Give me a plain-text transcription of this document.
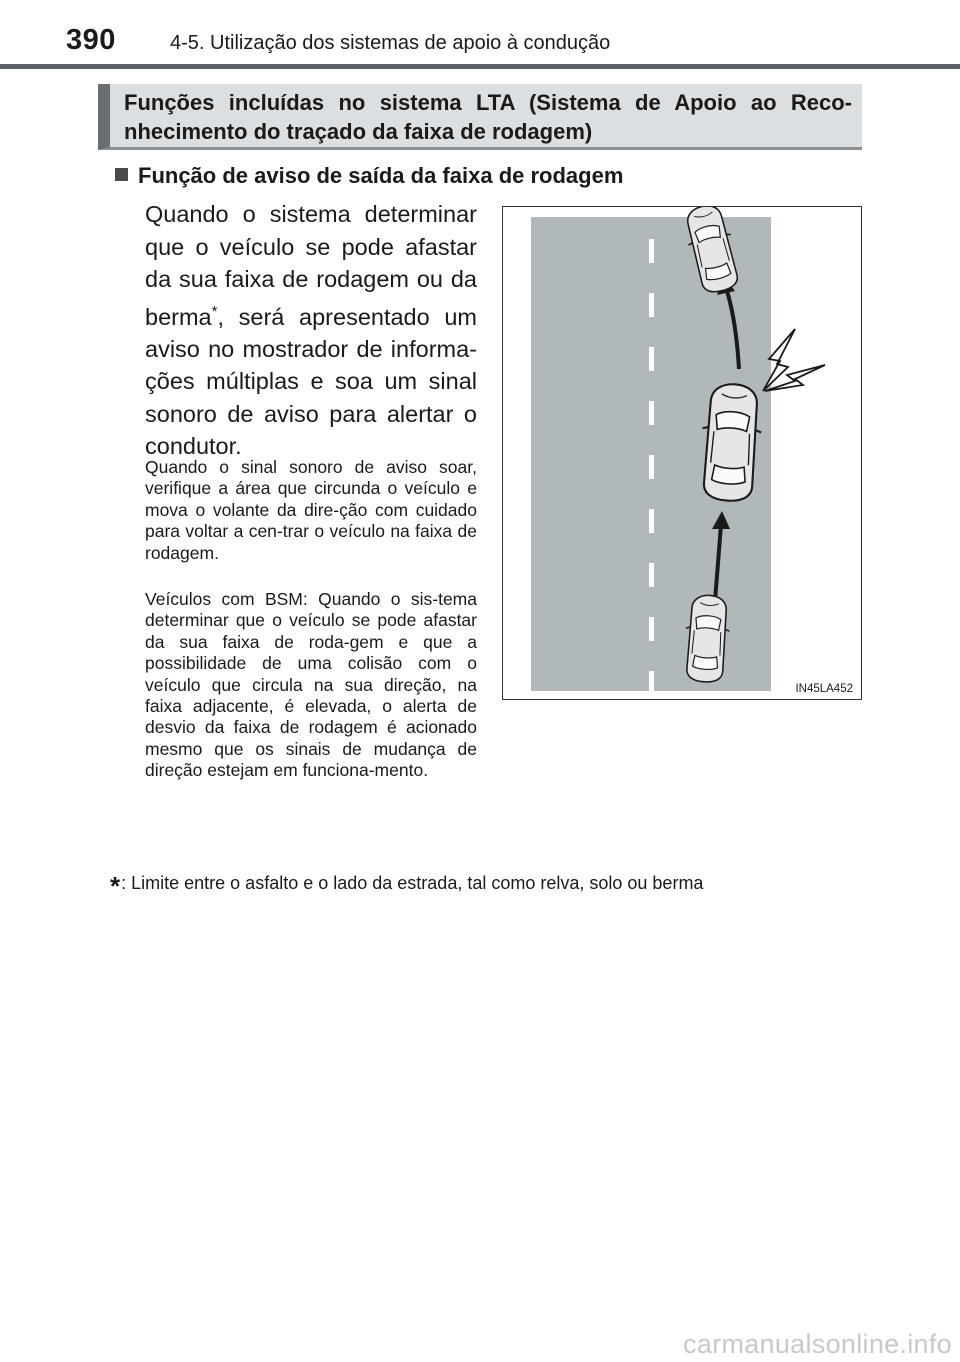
390	4-5. Utilização dos sistemas de apoio à condução
Funções incluídas no sistema LTA (Sistema de Apoio ao Reco-nhecimento do traçado da faixa de rodagem)
Função de aviso de saída da faixa de rodagem

Quando o sistema determinar que o veículo se pode afastar da sua faixa de rodagem ou da berma*, será apresentado um aviso no mostrador de informa-ções múltiplas e soa um sinal sonoro de aviso para alertar o condutor.

Quando o sinal sonoro de aviso soar, verifique a área que circunda o veículo e mova o volante da dire-ção com cuidado para voltar a cen-trar o veículo na faixa de rodagem.

Veículos com BSM: Quando o sis-tema determinar que o veículo se pode afastar da sua faixa de roda-gem e que a possibilidade de uma colisão com o veículo que circula na sua direção, na faixa adjacente, é elevada, o alerta de desvio da faixa de rodagem é acionado mesmo que os sinais de mudança de direção estejam em funciona-mento.

IN45LA452
*: Limite entre o asfalto e o lado da estrada, tal como relva, solo ou berma
carmanualsonline.info
